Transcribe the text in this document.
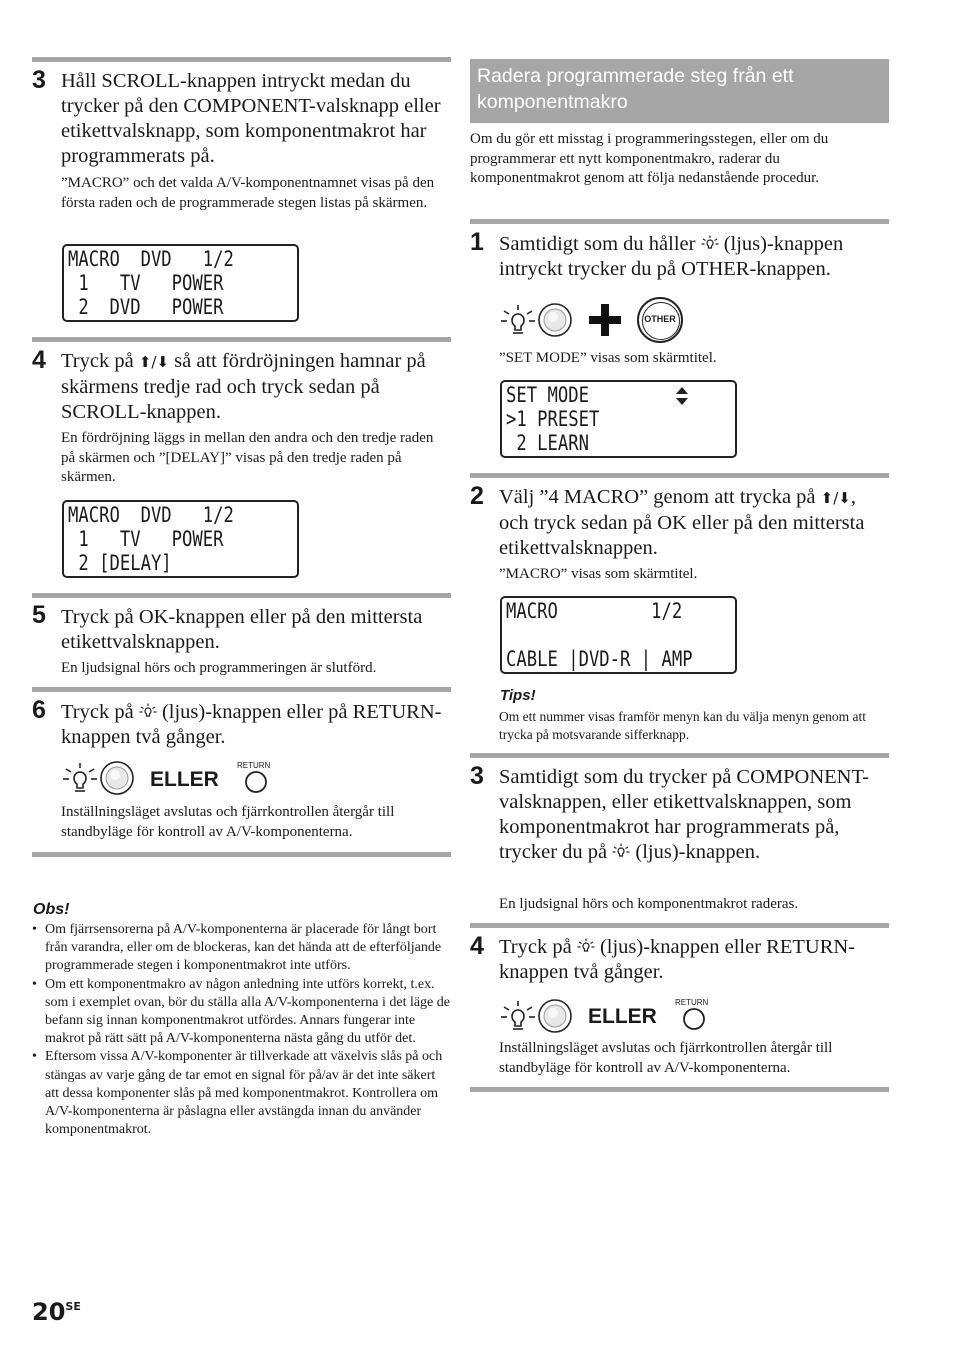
3 Håll SCROLL-knappen intryckt medan du trycker på den COMPONENT-valsknapp eller etikettvalsknapp, som komponentmakrot har programmerats på.
”MACRO” och det valda A/V-komponentnamnet visas på den första raden och de programmerade stegen listas på skärmen.
MACRO  DVD   1/2
1   TV   POWER
2  DVD   POWER
4 Tryck på ⬆/⬇ så att fördröjningen hamnar på skärmens tredje rad och tryck sedan på SCROLL-knappen.
En fördröjning läggs in mellan den andra och den tredje raden på skärmen och ”[DELAY]” visas på den tredje raden på skärmen.
MACRO  DVD   1/2
1   TV   POWER
2 [DELAY]
5 Tryck på OK-knappen eller på den mittersta etikettvalsknappen.
En ljudsignal hörs och programmeringen är slutförd.
6 Tryck på  (ljus)-knappen eller på RETURN-knappen två gånger.
ELLER
RETURN
Inställningsläget avslutas och fjärrkontrollen återgår till standbyläge för kontroll av A/V-komponenterna.
Obs!
• Om fjärrsensorerna på A/V-komponenterna är placerade för långt bort från varandra, eller om de blockeras, kan det hända att de efterföljande programmerade stegen i komponentmakrot inte utförs.
• Om ett komponentmakro av någon anledning inte utförs korrekt, t.ex. som i exemplet ovan, bör du ställa alla A/V-komponenterna i det läge de befann sig innan komponentmakrot utfördes. Annars fungerar inte makrot på rätt sätt på A/V-komponenterna nästa gång du utför det.
• Eftersom vissa A/V-komponenter är tillverkade att växelvis slås på och stängas av varje gång de tar emot en signal för på/av är det inte säkert att dessa komponenter slås på med komponentmakrot. Kontrollera om A/V-komponenterna är påslagna eller avstängda innan du använder komponentmakrot.
Radera programmerade steg från ett komponentmakro
Om du gör ett misstag i programmeringsstegen, eller om du programmerar ett nytt komponentmakro, raderar du komponentmakrot genom att följa nedanstående procedur.
1 Samtidigt som du håller  (ljus)-knappen intryckt trycker du på OTHER-knappen.
OTHER
”SET MODE” visas som skärmtitel.
SET MODE
>1 PRESET
2 LEARN
2 Välj ”4 MACRO” genom att trycka på ⬆/⬇, och tryck sedan på OK eller på den mittersta etikettvalsknappen.
”MACRO” visas som skärmtitel.
MACRO         1/2
CABLE |DVD-R | AMP
Tips!
Om ett nummer visas framför menyn kan du välja menyn genom att trycka på motsvarande sifferknapp.
3 Samtidigt som du trycker på COMPONENT-valsknappen, eller etikettvalsknappen, som komponentmakrot har programmerats på, trycker du på  (ljus)-knappen.
En ljudsignal hörs och komponentmakrot raderas.
4 Tryck på  (ljus)-knappen eller RETURN-knappen två gånger.
ELLER
RETURN
Inställningsläget avslutas och fjärrkontrollen återgår till standbyläge för kontroll av A/V-komponenterna.
$20^{SE}$
